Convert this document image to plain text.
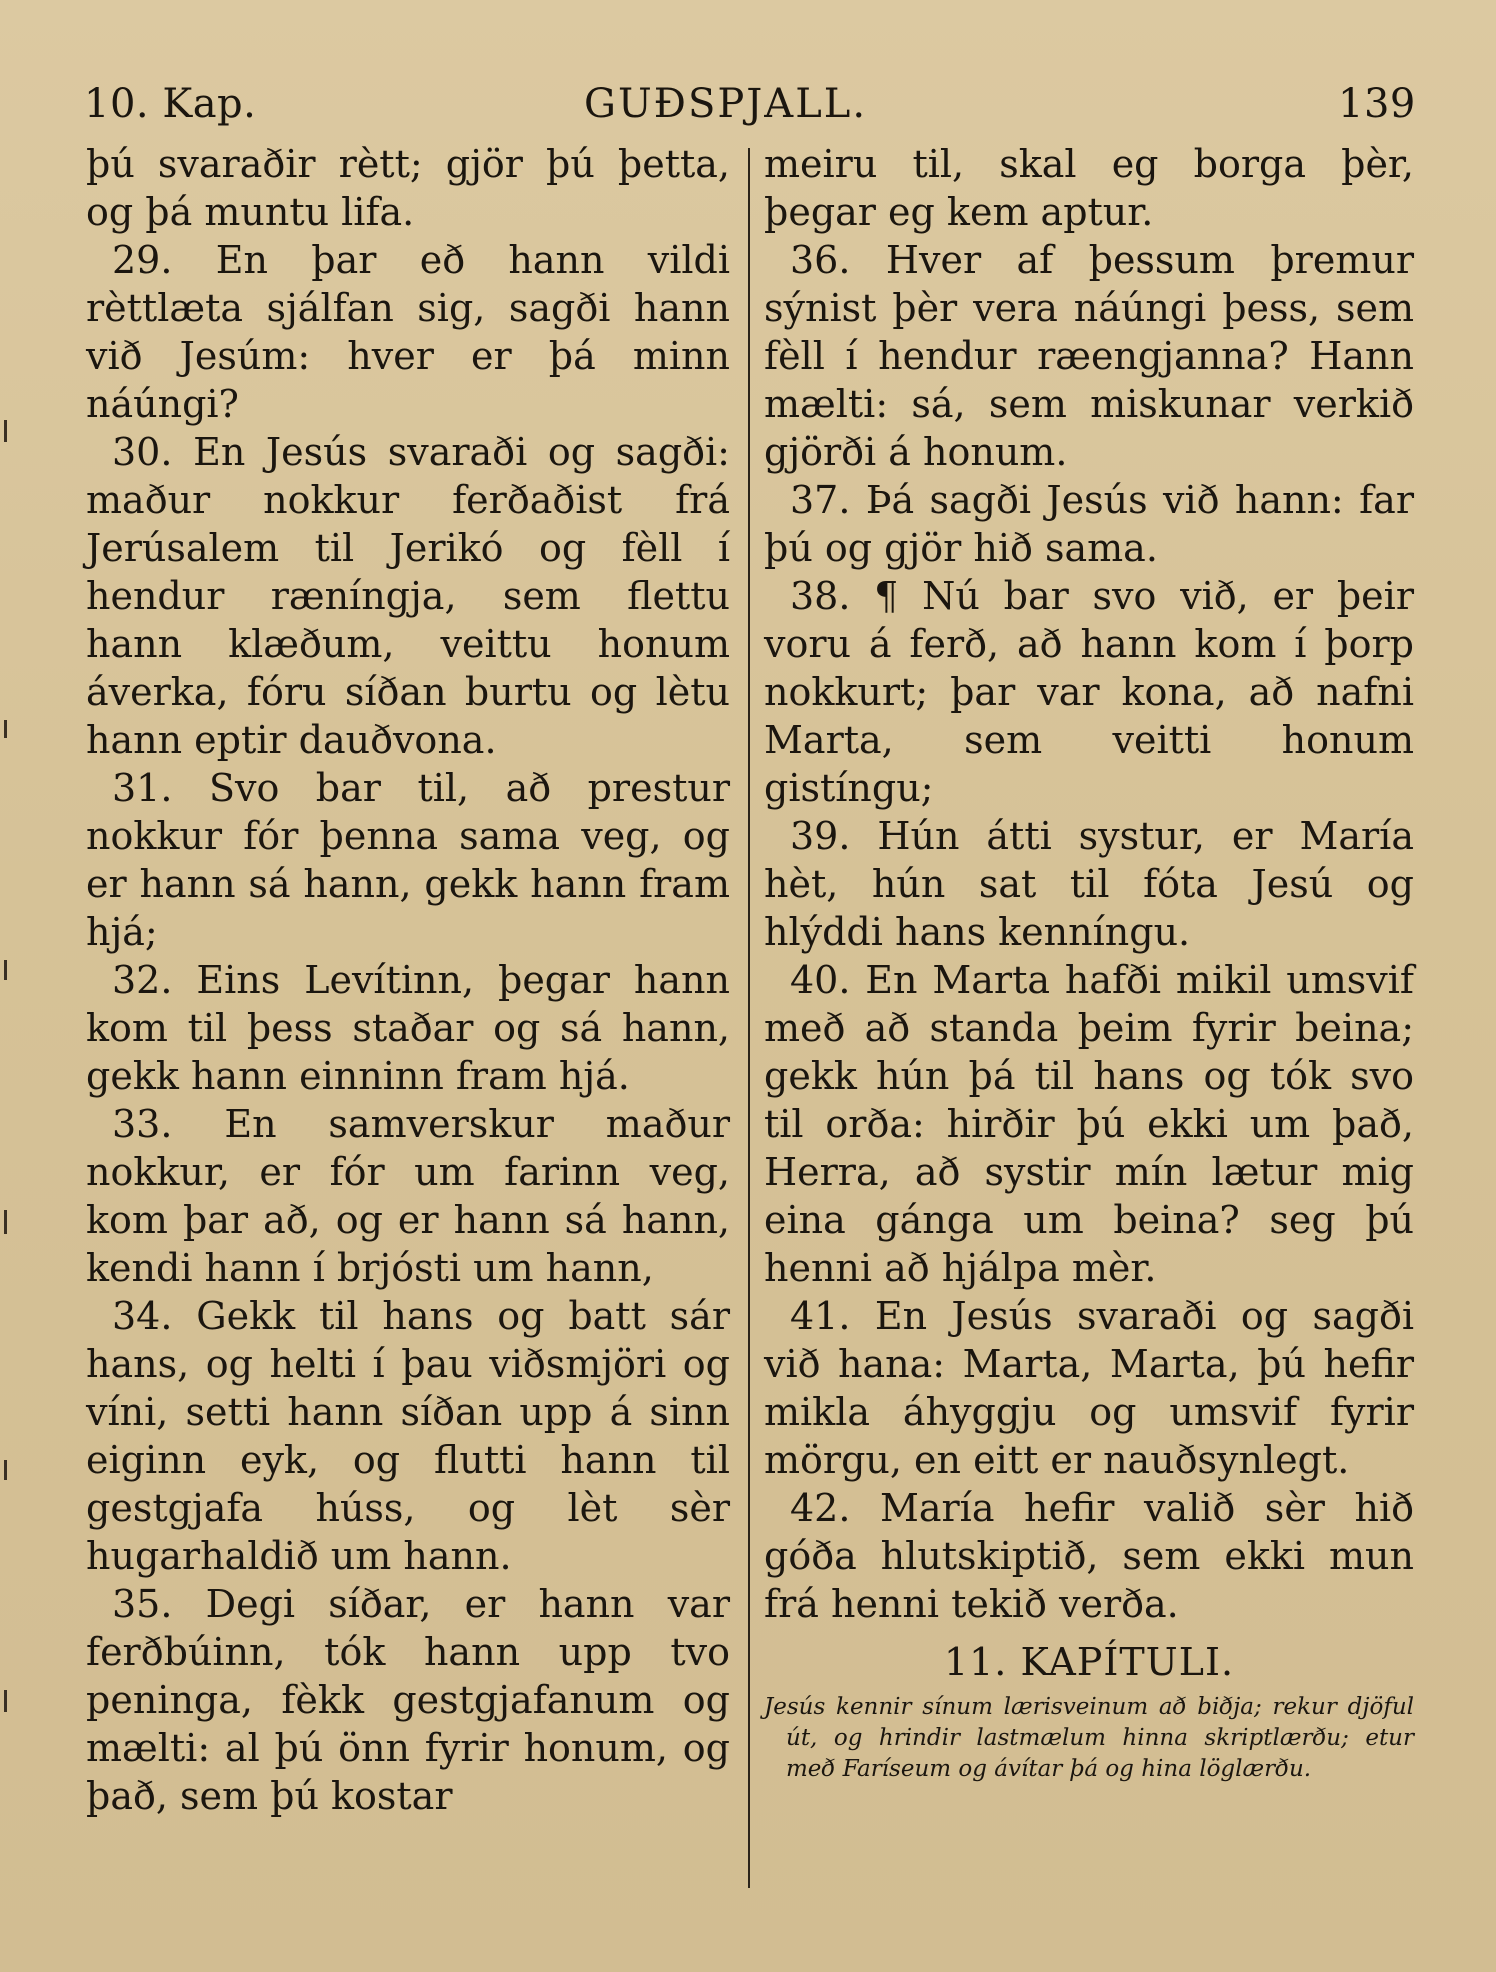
10. Kap.	GUÐSPJALL.	139

þú svaraðir rètt; gjör þú þetta, og þá muntu lifa.

29. En þar eð hann vildi rèttlæta sjálfan sig, sagði hann við Jesúm: hver er þá minn náúngi?

30. En Jesús svaraði og sagði: maður nokkur ferðaðist frá Jerúsalem til Jerikó og fèll í hendur ræníngja, sem flettu hann klæðum, veittu honum áverka, fóru síðan burtu og lètu hann eptir dauðvona.

31. Svo bar til, að prestur nokkur fór þenna sama veg, og er hann sá hann, gekk hann fram hjá;

32. Eins Levítinn, þegar hann kom til þess staðar og sá hann, gekk hann einninn fram hjá.

33. En samverskur maður nokkur, er fór um farinn veg, kom þar að, og er hann sá hann, kendi hann í brjósti um hann,

34. Gekk til hans og batt sár hans, og helti í þau viðsmjöri og víni, setti hann síðan upp á sinn eiginn eyk, og flutti hann til gestgjafa húss, og lèt sèr hugarhaldið um hann.

35. Degi síðar, er hann var ferðbúinn, tók hann upp tvo peninga, fèkk gestgjafanum og mælti: al þú önn fyrir honum, og það, sem þú kostar

meiru til, skal eg borga þèr, þegar eg kem aptur.

36. Hver af þessum þremur sýnist þèr vera náúngi þess, sem fèll í hendur ræengjanna? Hann mælti: sá, sem miskunar verkið gjörði á honum.

37. Þá sagði Jesús við hann: far þú og gjör hið sama.

38. ¶ Nú bar svo við, er þeir voru á ferð, að hann kom í þorp nokkurt; þar var kona, að nafni Marta, sem veitti honum gistíngu;

39. Hún átti systur, er María hèt, hún sat til fóta Jesú og hlýddi hans kenníngu.

40. En Marta hafði mikil umsvif með að standa þeim fyrir beina; gekk hún þá til hans og tók svo til orða: hirðir þú ekki um það, Herra, að systir mín lætur mig eina gánga um beina? seg þú henni að hjálpa mèr.

41. En Jesús svaraði og sagði við hana: Marta, Marta, þú hefir mikla áhyggju og umsvif fyrir mörgu, en eitt er nauðsynlegt.

42. María hefir valið sèr hið góða hlutskiptið, sem ekki mun frá henni tekið verða.

11. KAPÍTULI.

Jesús kennir sínum lærisveinum að biðja; rekur djöful út, og hrindir lastmælum hinna skriptlærðu; etur með Faríseum og ávítar þá og hina löglærðu.
